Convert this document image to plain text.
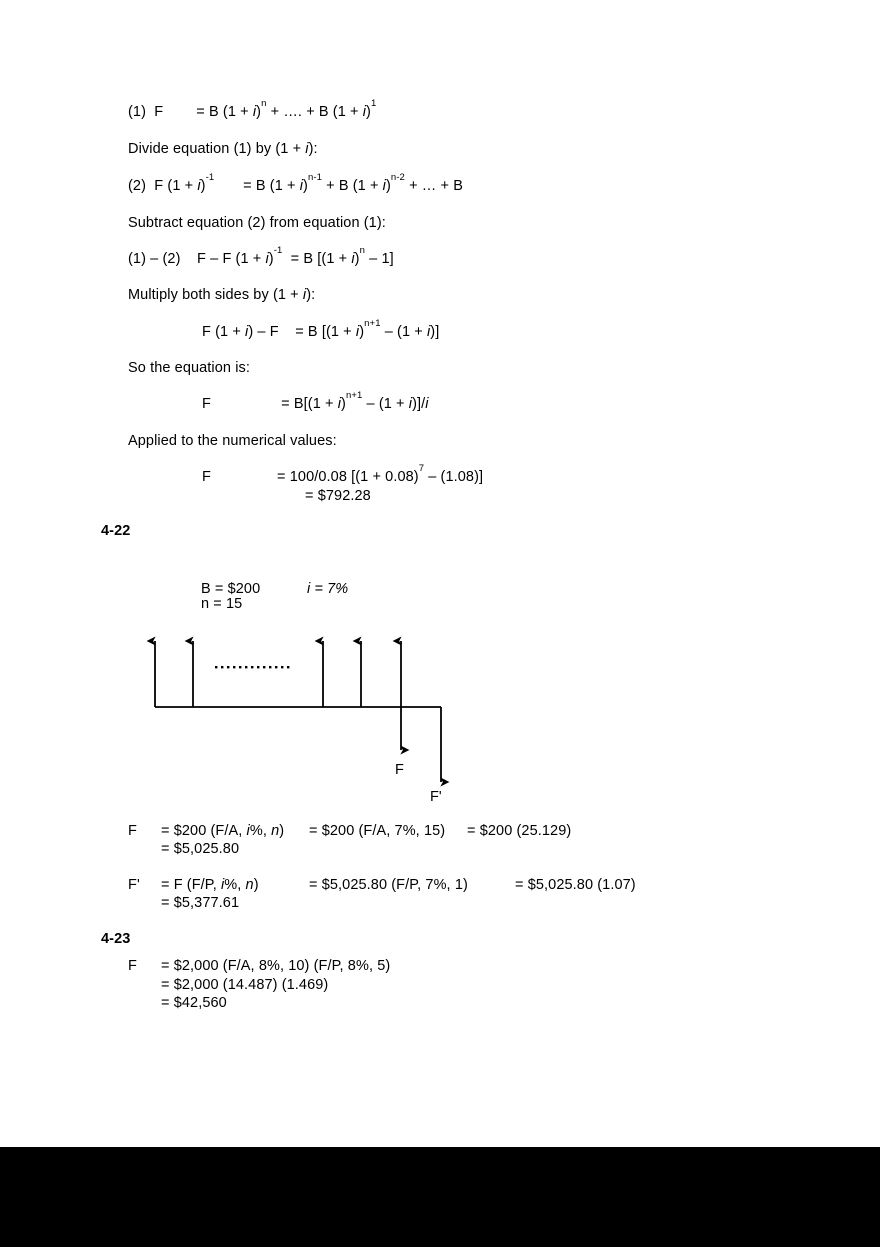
(1) F = B $(1 + i)^n$ + …. + B $(1 + i)^1$
Divide equation (1) by (1 + i):
(2) F $(1 + i)^{-1}$       = B $(1 + i)^{n-1} + B$ $(1 + i)^{n-2}$ + … + B
Subtract equation (2) from equation (1):
(1) – (2) F – F $(1 + i)^{-1} = B$ $[(1 + i)^n - 1]$
Multiply both sides by (1 + i):
F (1 + i) – F = B $[(1 + i)^{n+1} - (1 + i)]$
So the equation is:
F	= $B[(1 + i)^{n+1} - (1 + i)]/i$
Applied to the numerical values:
F	= 100/0.08 $[(1 + 0.08)^7 - (1.08)]$
= $792.28
4-22
B = $200	i = 7%
n = 15
F
F'
F = $200 (F/A, i%, n) = $200 (F/A, 7%, 15) = $200 (25.129)
= $5,025.80
F' = F (F/P, i%, n)	= $5,025.80 (F/P, 7%, 1)	= $5,025.80 (1.07)
= $5,377.61
4-23
F = $2,000 (F/A, 8%, 10) (F/P, 8%, 5)
= $2,000 (14.487) (1.469)
= $42,560
